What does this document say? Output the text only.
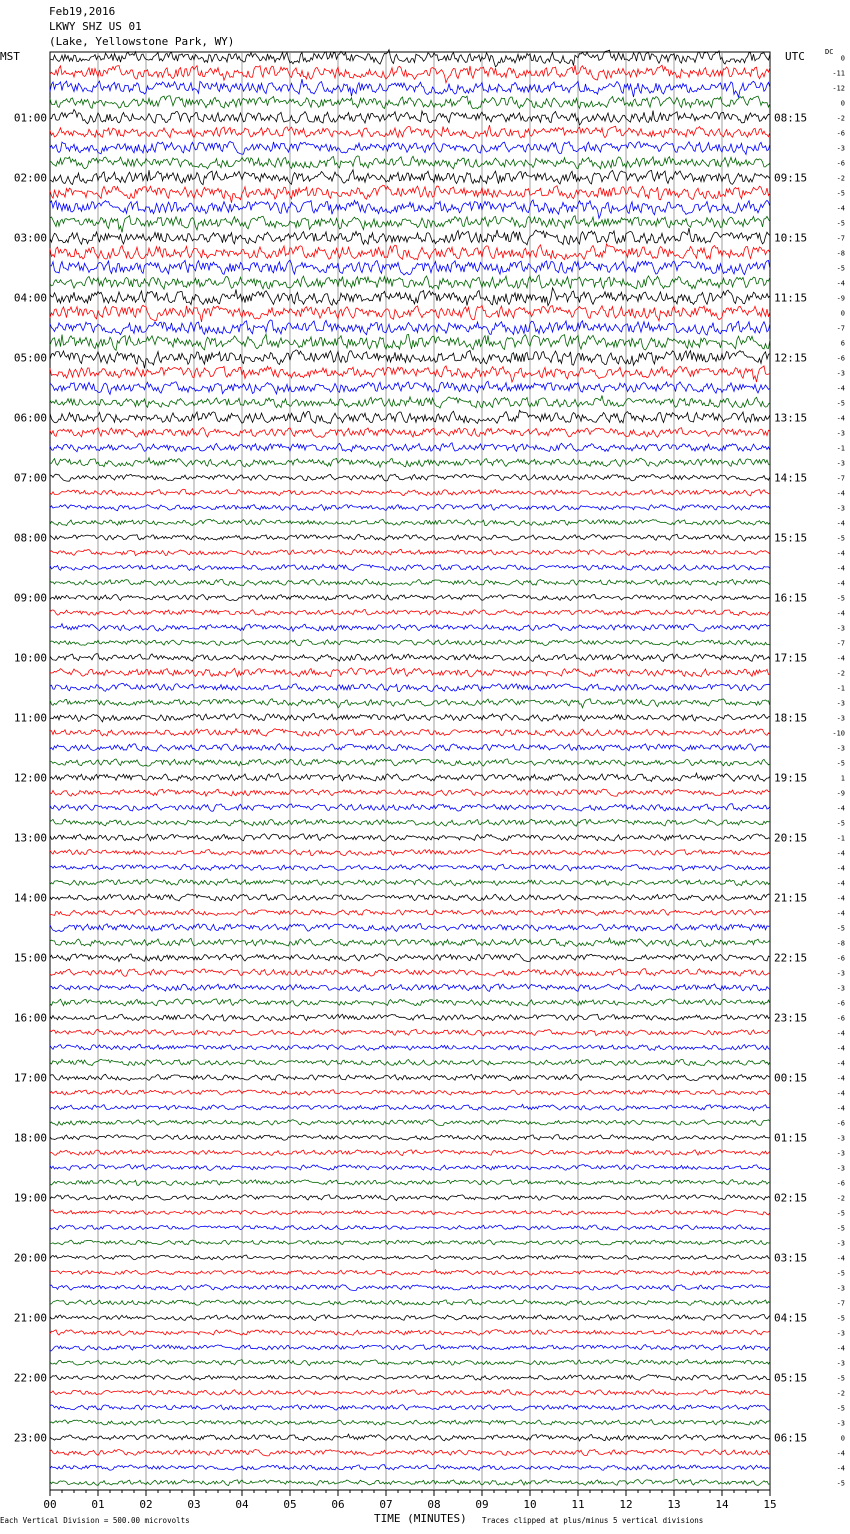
Feb19,2016
LKWY SHZ US 01
(Lake, Yellowstone Park, WY)
MST	UTC	DC
01:00	08:15
02:00	09:15
03:00	10:15
04:00	11:15
05:00	12:15
06:00	13:15
07:00	14:15
08:00	15:15
09:00	16:15
10:00	17:15
11:00	18:15
12:00	19:15
13:00	20:15
14:00	21:15
15:00	22:15
16:00	23:15
17:00	00:15
18:00	01:15
19:00	02:15
20:00	03:15
21:00	04:15
22:00	05:15
23:00	06:15
0
-11
-12
0
-2
-6
-3
-6
-2
-5
-4
-5
-7
-8
-5
-4
-9
0
-7
6
-6
-3
-4
-5
-4
-3
-1
-3
-7
-4
-3
-4
-5
-4
-4
-4
-5
-4
-3
-7
-4
-2
-1
-3
-3
-10
-3
-5
1
-9
-4
-5
-1
-4
-4
-4
-4
-4
-5
-8
-6
-3
-3
-6
-6
-4
-4
-4
-4
-4
-4
-6
-3
-3
-3
-6
-2
-5
-5
-3
-4
-5
-3
-7
-5
-3
-4
-3
-5
-2
-5
-3
0
-4
-4
-5
00	01	02	03	04	05	06	07	08	09	10	11	12	13	14	15
Each Vertical Division = 500.00 microvolts	TIME (MINUTES) Traces clipped at plus/minus 5 vertical divisions
